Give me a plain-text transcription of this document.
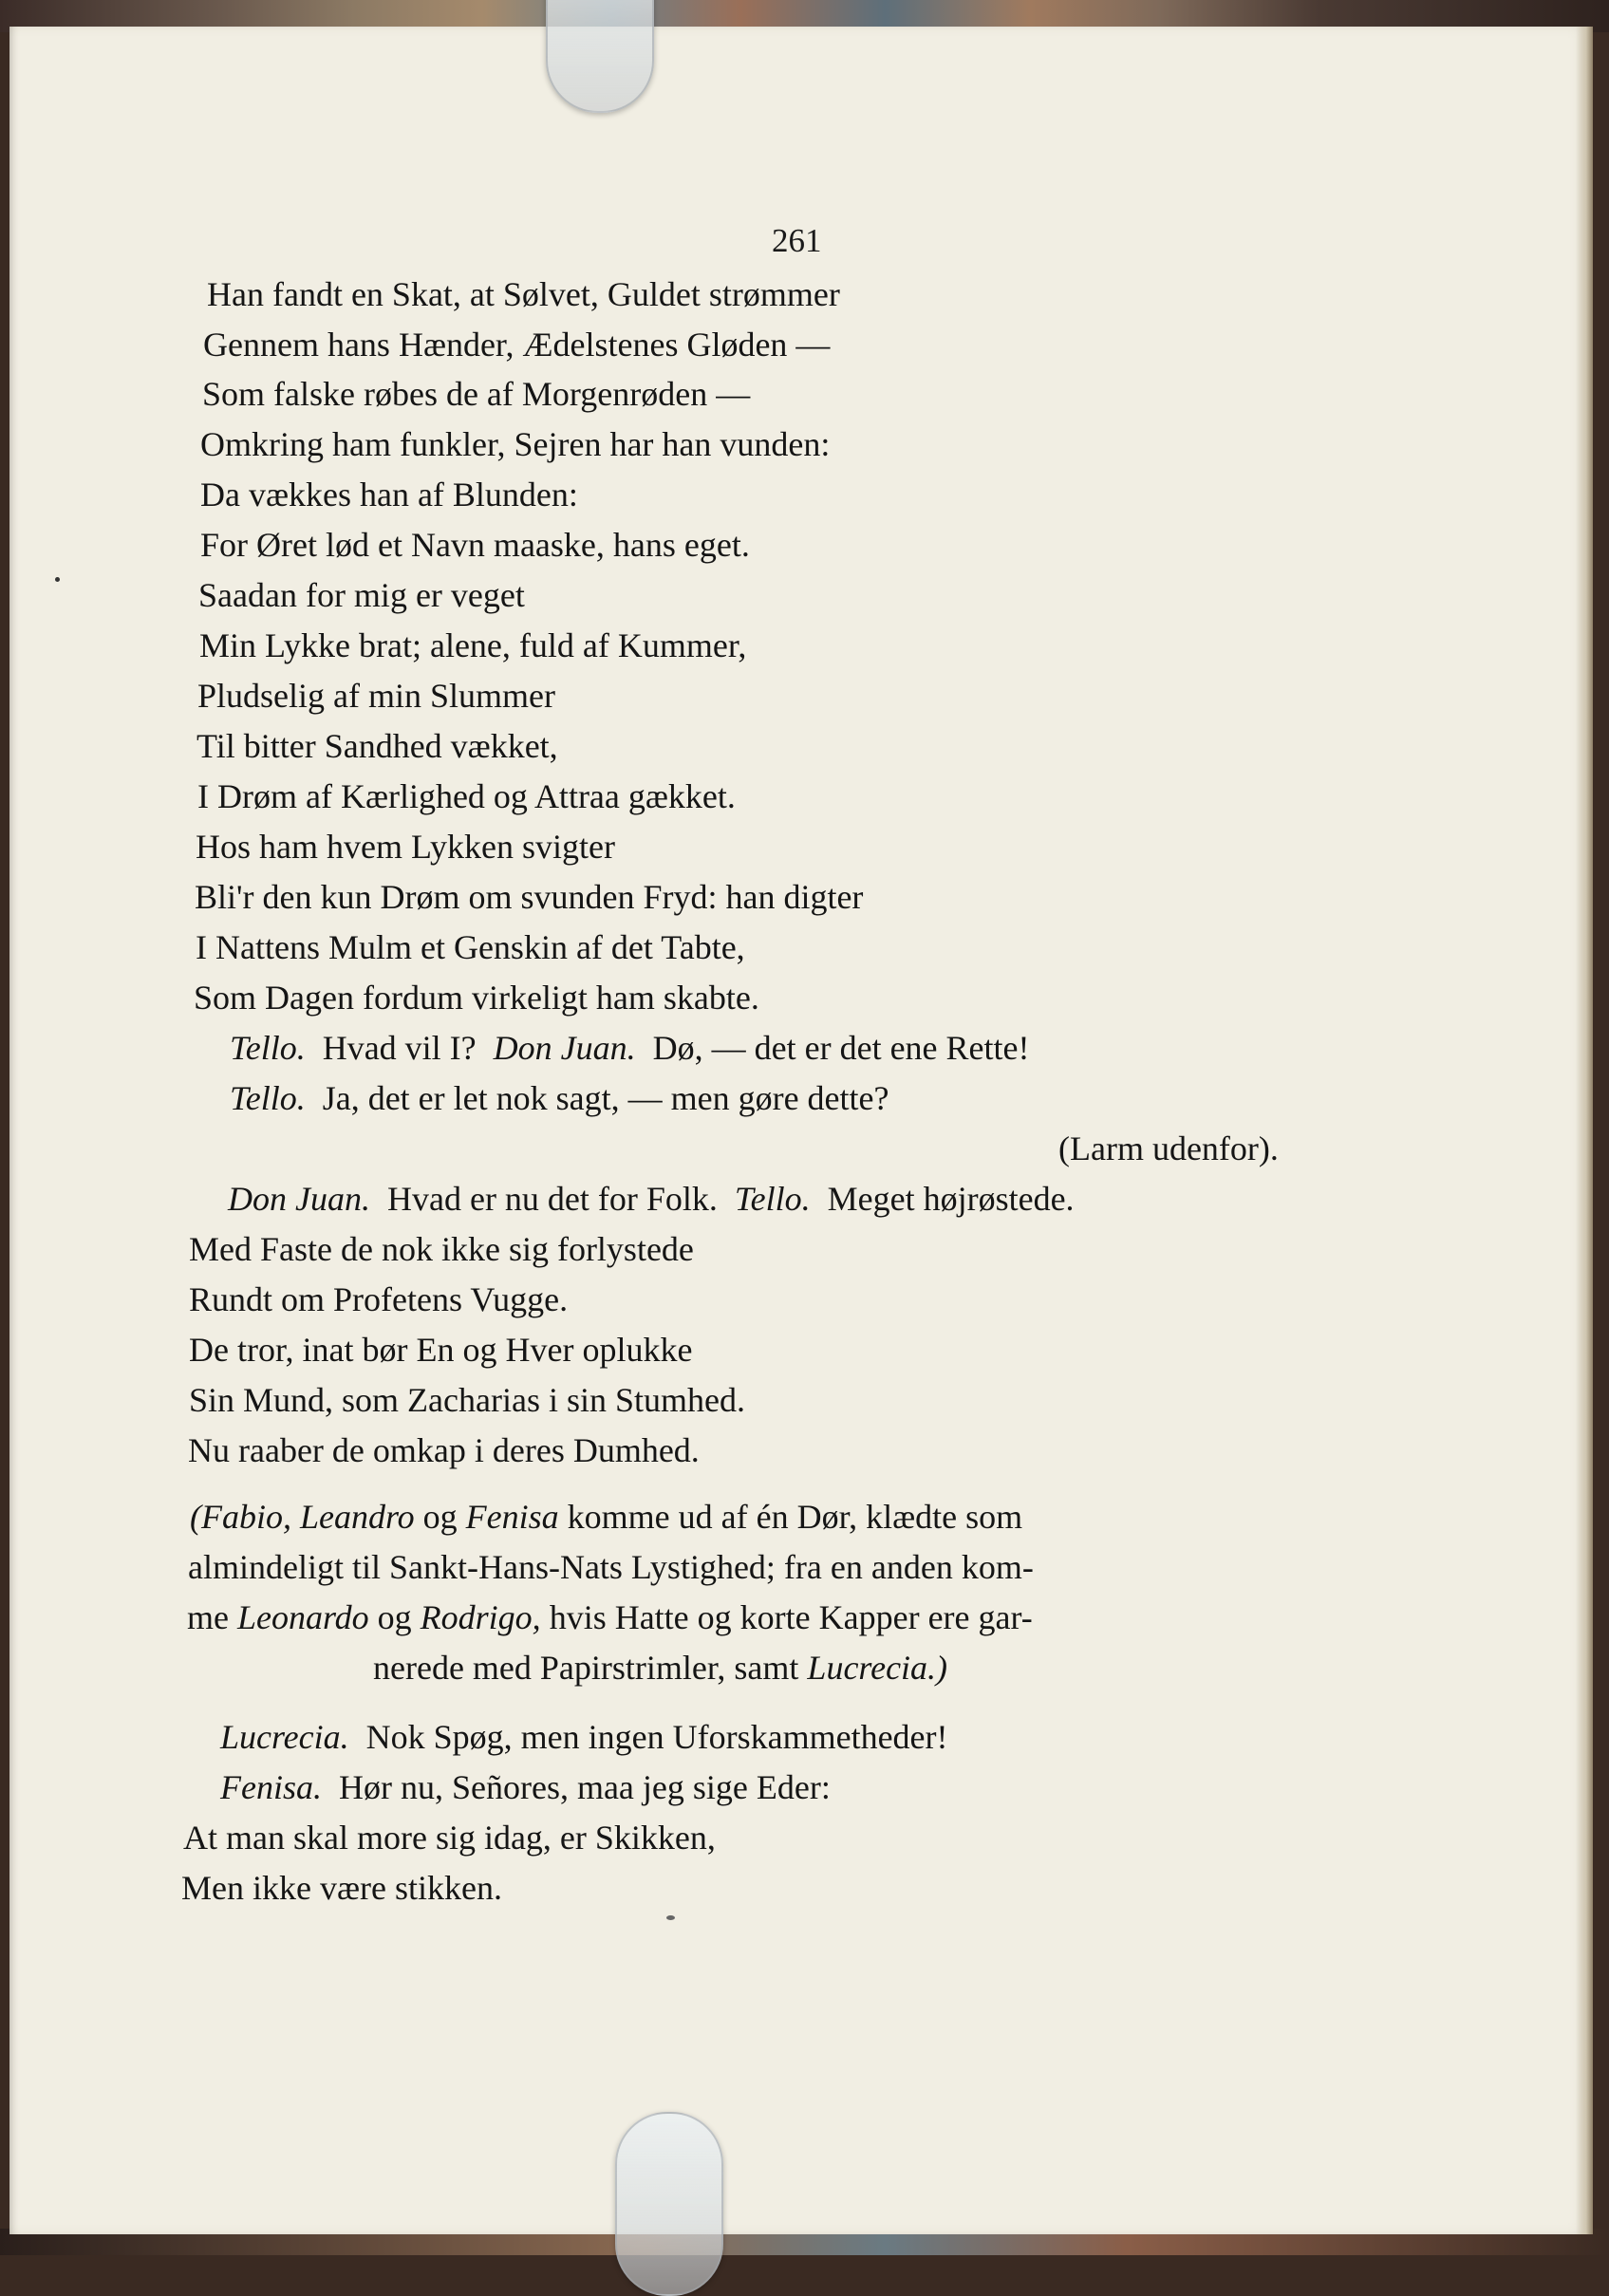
261
Han fandt en Skat, at Sølvet, Guldet strømmer
Gennem hans Hænder, Ædelstenes Gløden —
Som falske røbes de af Morgenrøden —
Omkring ham funkler, Sejren har han vunden:
Da vækkes han af Blunden:
For Øret lød et Navn maaske, hans eget.
Saadan for mig er veget
Min Lykke brat; alene, fuld af Kummer,
Pludselig af min Slummer
Til bitter Sandhed vækket,
I Drøm af Kærlighed og Attraa gækket.
Hos ham hvem Lykken svigter
Bli'r den kun Drøm om svunden Fryd: han digter
I Nattens Mulm et Genskin af det Tabte,
Som Dagen fordum virkeligt ham skabte.
Tello. Hvad vil I? Don Juan. Dø, — det er det ene Rette!
Tello. Ja, det er let nok sagt, — men gøre dette?
(Larm udenfor).
Don Juan. Hvad er nu det for Folk. Tello. Meget højrøstede.
Med Faste de nok ikke sig forlystede
Rundt om Profetens Vugge.
De tror, inat bør En og Hver oplukke
Sin Mund, som Zacharias i sin Stumhed.
Nu raaber de omkap i deres Dumhed.
(Fabio, Leandro og Fenisa komme ud af én Dør, klædte som
almindeligt til Sankt-Hans-Nats Lystighed; fra en anden kom-
me Leonardo og Rodrigo, hvis Hatte og korte Kapper ere gar-
nerede med Papirstrimler, samt Lucrecia.)
Lucrecia. Nok Spøg, men ingen Uforskammetheder!
Fenisa. Hør nu, Señores, maa jeg sige Eder:
At man skal more sig idag, er Skikken,
Men ikke være stikken.
